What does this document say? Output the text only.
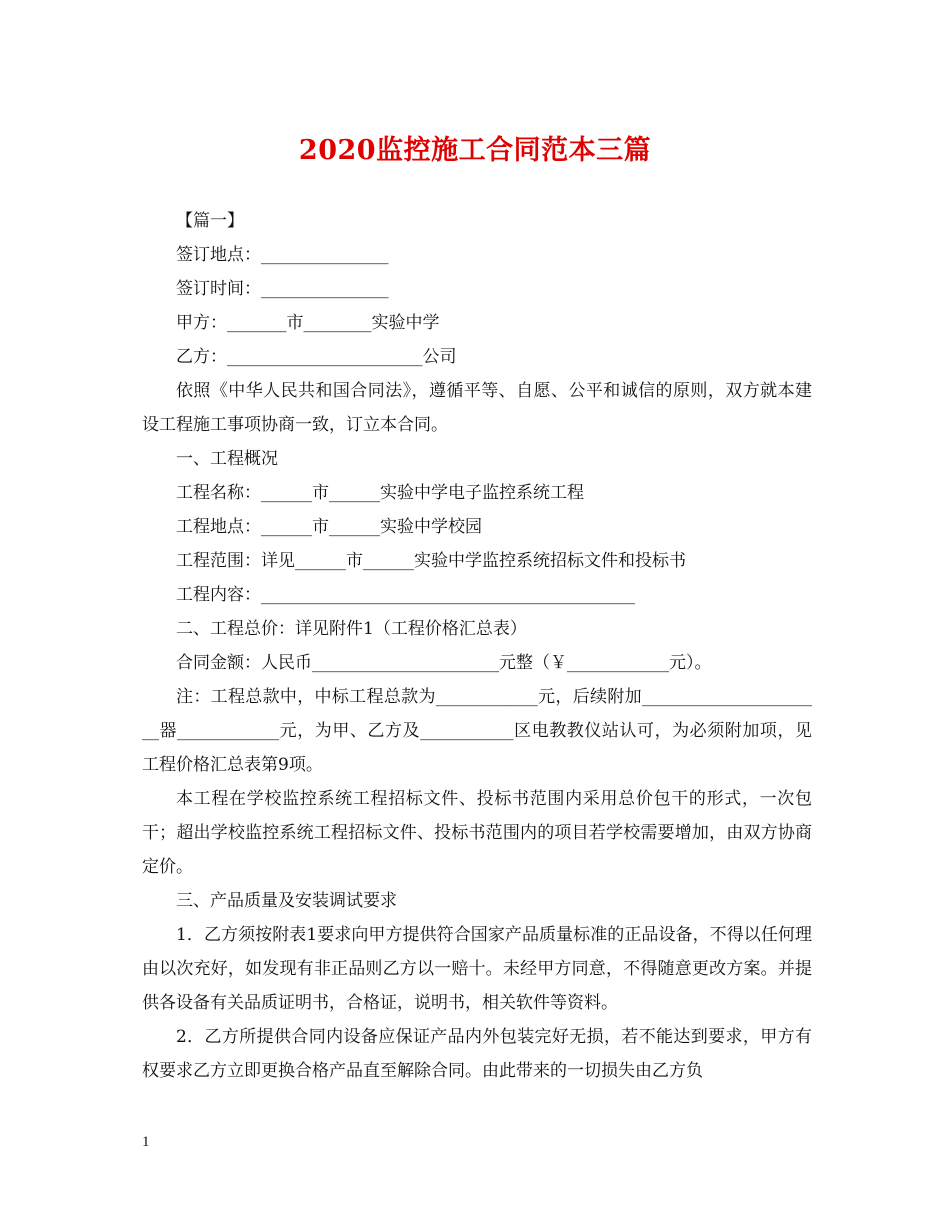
2020监控施工合同范本三篇

【篇一】

签订地点：_______________

签订时间：_______________

甲方：_______市________实验中学

乙方：_______________________公司

依照《中华人民共和国合同法》，遵循平等、自愿、公平和诚信的原则，双方就本建设工程施工事项协商一致，订立本合同。

一、工程概况

工程名称：______市______实验中学电子监控系统工程

工程地点：______市______实验中学校园

工程范围：详见______市______实验中学监控系统招标文件和投标书

工程内容：____________________________________________

二、工程总价：详见附件1（工程价格汇总表）

合同金额：人民币______________________元整（￥____________元）。

注：工程总款中，中标工程总款为____________元，后续附加______________________器____________元，为甲、乙方及___________区电教教仪站认可，为必须附加项，见工程价格汇总表第9项。

本工程在学校监控系统工程招标文件、投标书范围内采用总价包干的形式，一次包干；超出学校监控系统工程招标文件、投标书范围内的项目若学校需要增加，由双方协商定价。

三、产品质量及安装调试要求

1．乙方须按附表1要求向甲方提供符合国家产品质量标准的正品设备，不得以任何理由以次充好，如发现有非正品则乙方以一赔十。未经甲方同意，不得随意更改方案。并提供各设备有关品质证明书，合格证，说明书，相关软件等资料。

2．乙方所提供合同内设备应保证产品内外包装完好无损，若不能达到要求，甲方有权要求乙方立即更换合格产品直至解除合同。由此带来的一切损失由乙方负

1
